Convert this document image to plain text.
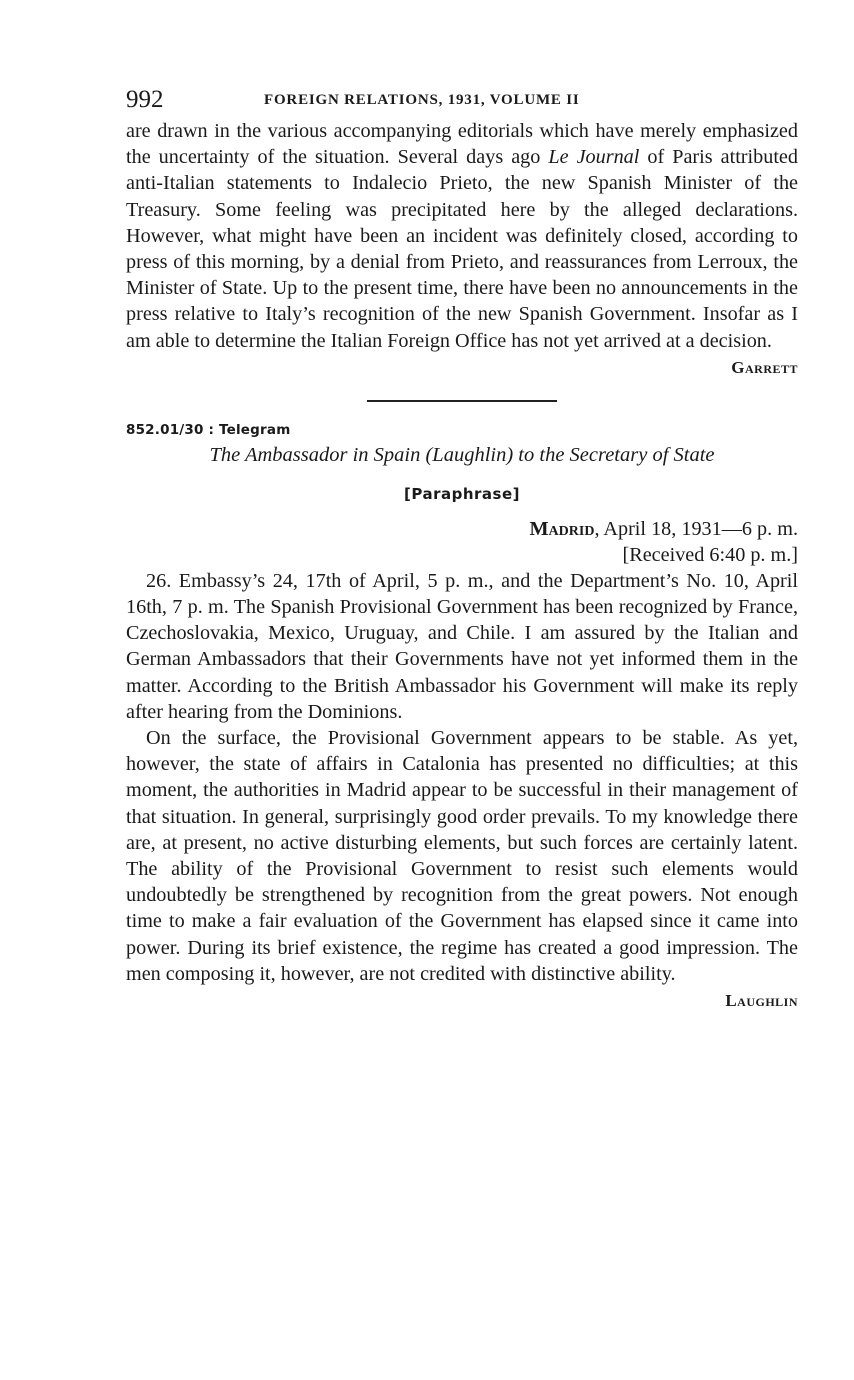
992	FOREIGN RELATIONS, 1931, VOLUME II

are drawn in the various accompanying editorials which have merely emphasized the uncertainty of the situation. Several days ago Le Journal of Paris attributed anti-Italian statements to Indalecio Prieto, the new Spanish Minister of the Treasury. Some feeling was precipitated here by the alleged declarations. However, what might have been an incident was definitely closed, according to press of this morning, by a denial from Prieto, and reassurances from Lerroux, the Minister of State. Up to the present time, there have been no announcements in the press relative to Italy’s recognition of the new Spanish Government. Insofar as I am able to determine the Italian Foreign Office has not yet arrived at a decision.

Garrett

852.01/30 : Telegram
The Ambassador in Spain (Laughlin) to the Secretary of State
[Paraphrase]
Madrid, April 18, 1931—6 p. m.
[Received 6:40 p. m.]

26. Embassy’s 24, 17th of April, 5 p. m., and the Department’s No. 10, April 16th, 7 p. m. The Spanish Provisional Government has been recognized by France, Czechoslovakia, Mexico, Uruguay, and Chile. I am assured by the Italian and German Ambassadors that their Governments have not yet informed them in the matter. According to the British Ambassador his Government will make its reply after hearing from the Dominions.

On the surface, the Provisional Government appears to be stable. As yet, however, the state of affairs in Catalonia has presented no difficulties; at this moment, the authorities in Madrid appear to be successful in their management of that situation. In general, surprisingly good order prevails. To my knowledge there are, at present, no active disturbing elements, but such forces are certainly latent. The ability of the Provisional Government to resist such elements would undoubtedly be strengthened by recognition from the great powers. Not enough time to make a fair evaluation of the Government has elapsed since it came into power. During its brief existence, the regime has created a good impression. The men composing it, however, are not credited with distinctive ability.

Laughlin
